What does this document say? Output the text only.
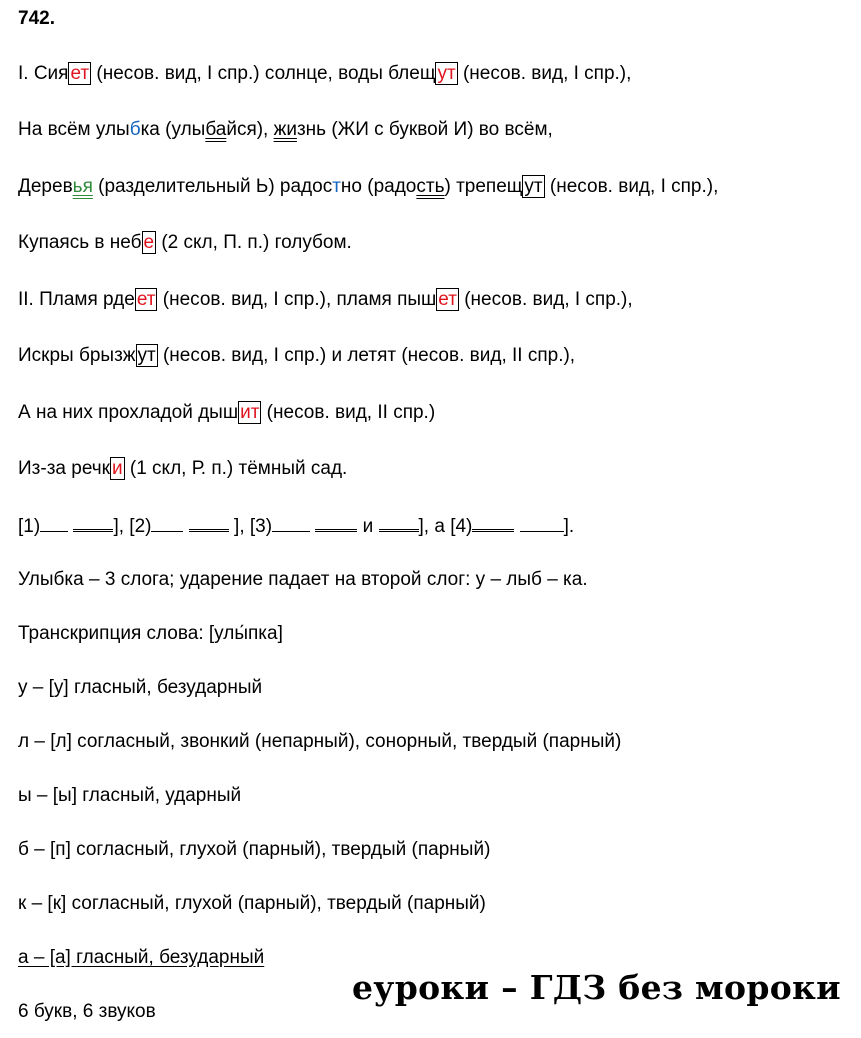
742.
I. Сия ет (несов. вид, I спр.) солнце, воды блещ ут (несов. вид, I спр.),
На всём улыбка (улыбайся), жизнь (ЖИ с буквой И) во всём,
Деревья (разделительный Ь) радостно (радость) трепещ ут (несов. вид, I спр.),
Купаясь в неб е (2 скл, П. п.) голубом.
II. Пламя рде ет (несов. вид, I спр.), пламя пыш ет (несов. вид, I спр.),
Искры брызж ут (несов. вид, I спр.) и летят (несов. вид, II спр.),
А на них прохладой дыш ит (несов. вид, II спр.)
Из-за речк и (1 скл, Р. п.) тёмный сад.
[1)	], [2)	], [3)	и ], а [4)	].
Улыбка – 3 слога; ударение падает на второй слог: у – лыб – ка.
Транскрипция слова: [улы́пка]
у – [у] гласный, безударный
л – [л] согласный, звонкий (непарный), сонорный, твердый (парный)
ы – [ы] гласный, ударный
б – [п] согласный, глухой (парный), твердый (парный)
к – [к] согласный, глухой (парный), твердый (парный)
а – [а] гласный, безударный
6 букв, 6 звуков
еуроки – ГДЗ без мороки
